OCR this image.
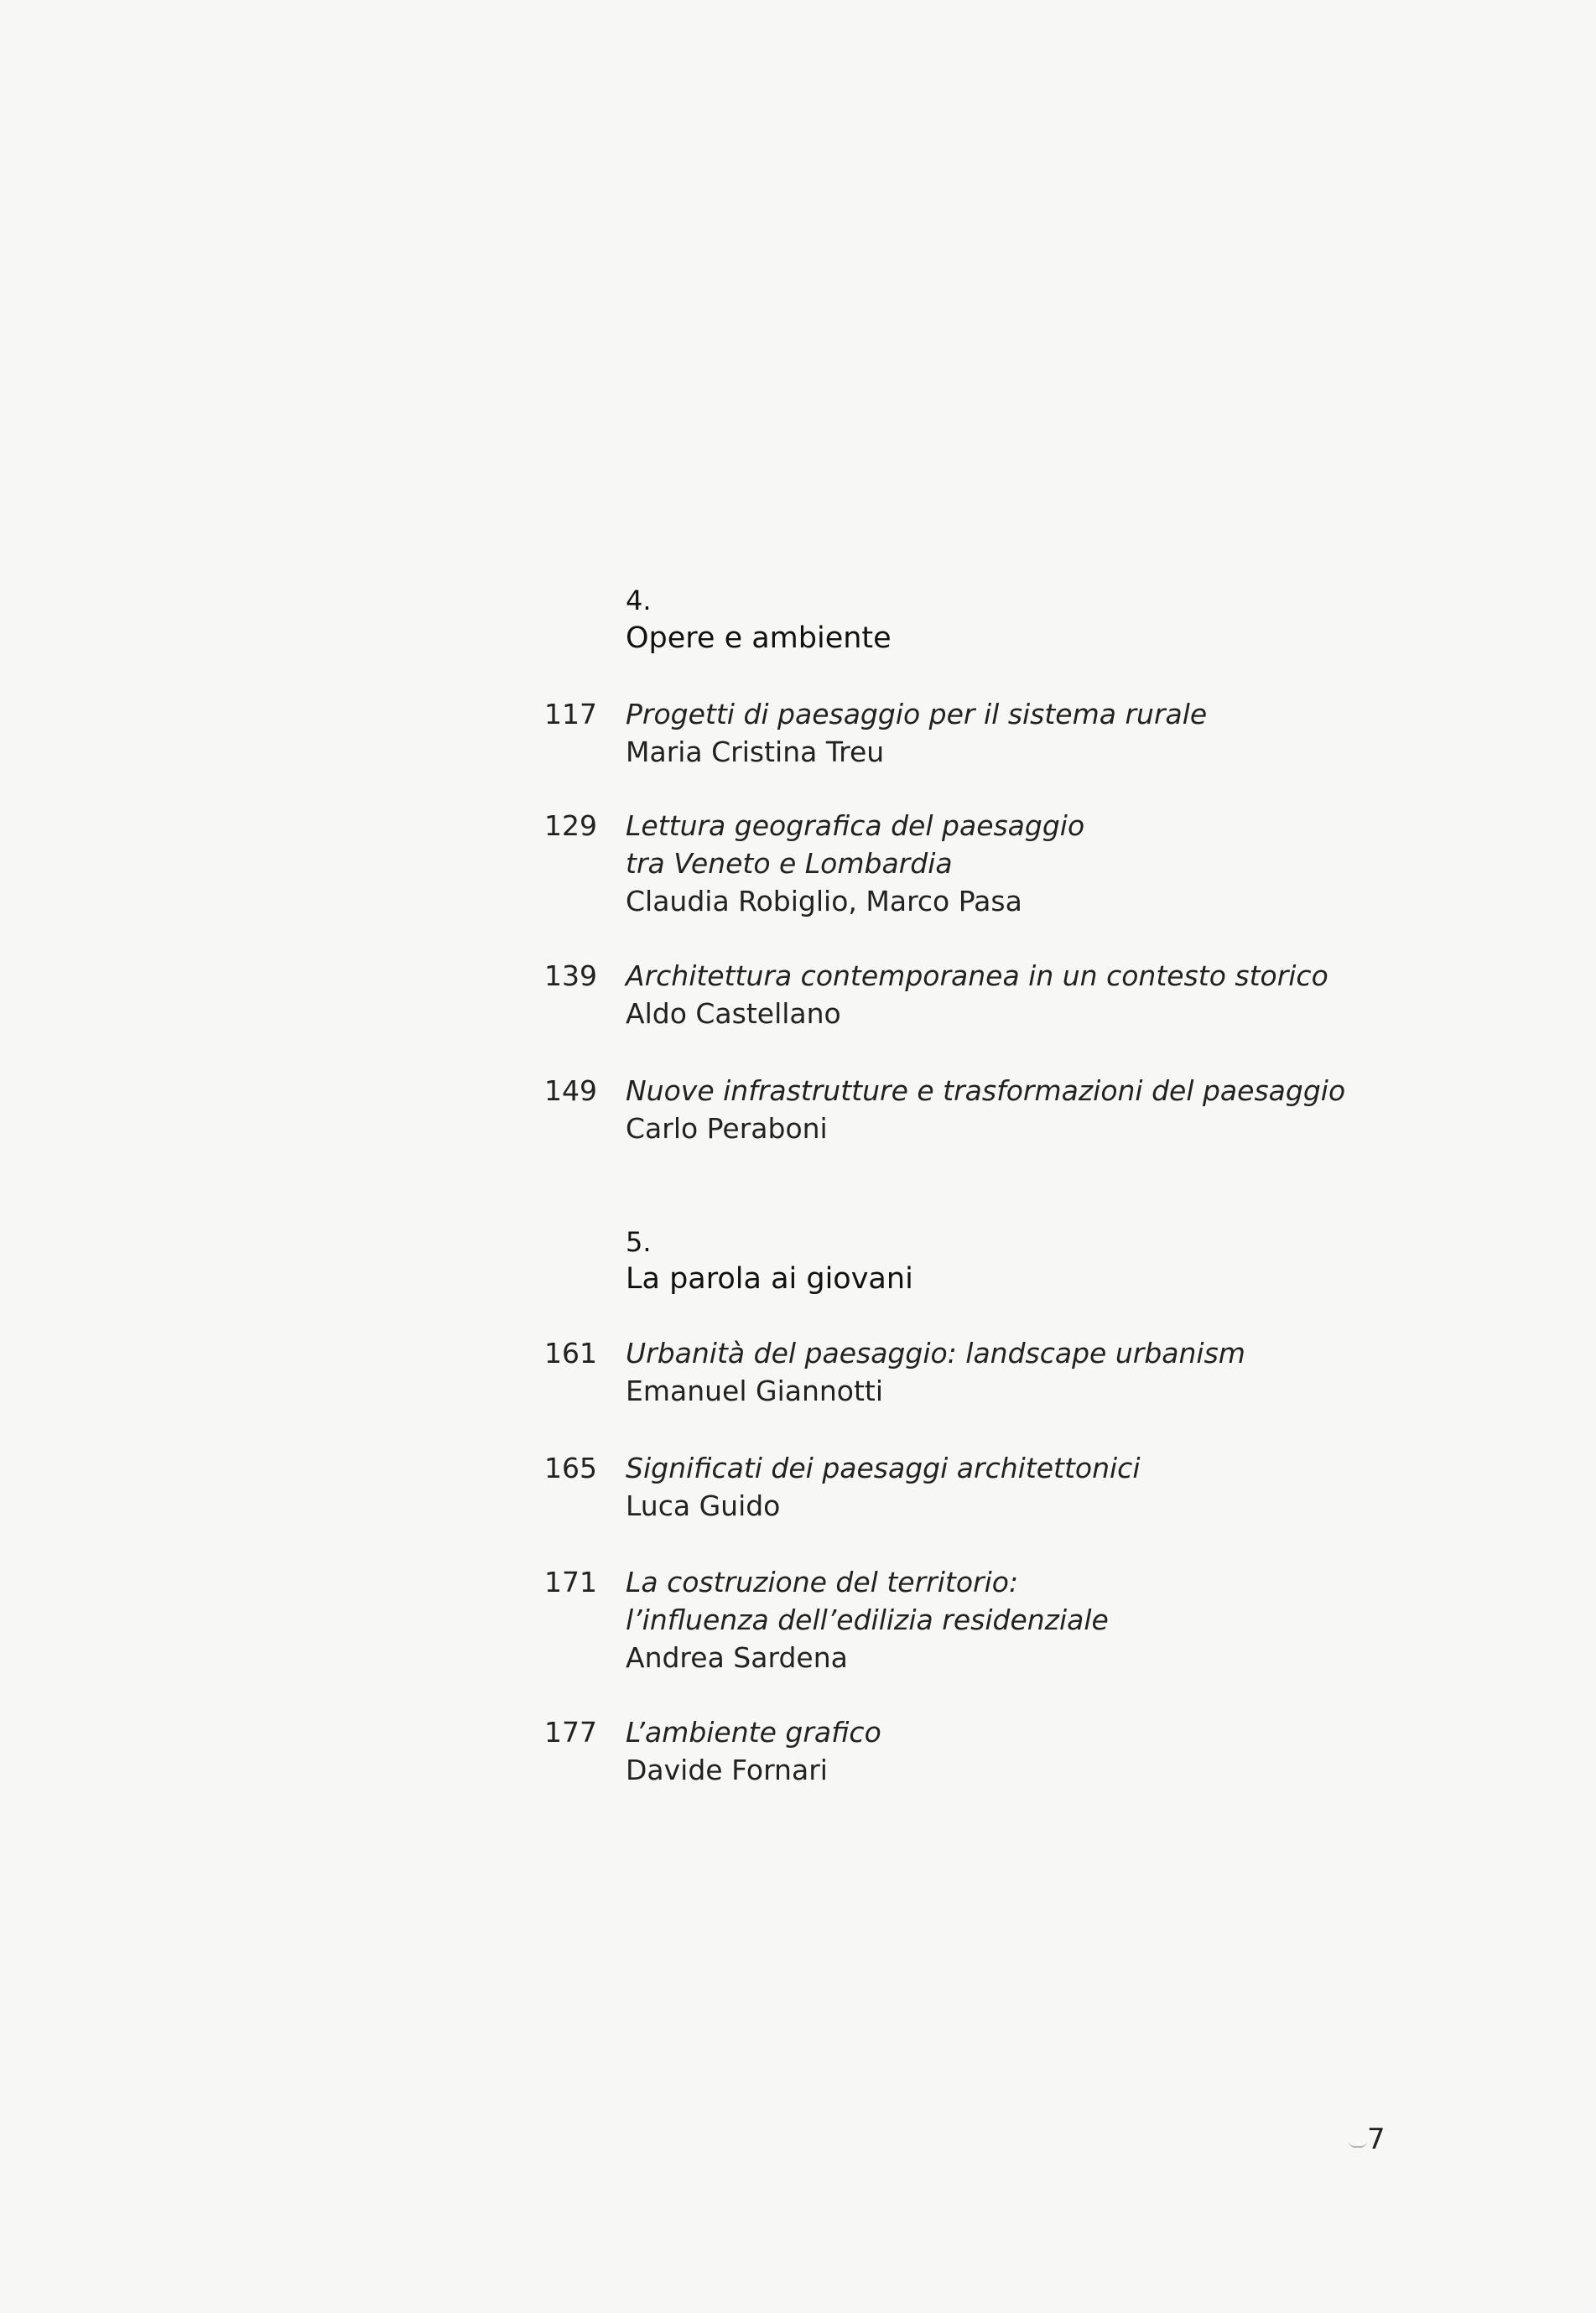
4.
Opere e ambiente
117 Progetti di paesaggio per il sistema rurale
Maria Cristina Treu
129 Lettura geografica del paesaggio
tra Veneto e Lombardia
Claudia Robiglio, Marco Pasa
139 Architettura contemporanea in un contesto storico
Aldo Castellano
149 Nuove infrastrutture e trasformazioni del paesaggio
Carlo Peraboni
5.
La parola ai giovani
161 Urbanità del paesaggio: landscape urbanism
Emanuel Giannotti
165 Significati dei paesaggi architettonici
Luca Guido
171 La costruzione del territorio:
l’influenza dell’edilizia residenziale
Andrea Sardena
177 L’ambiente grafico
Davide Fornari
7
